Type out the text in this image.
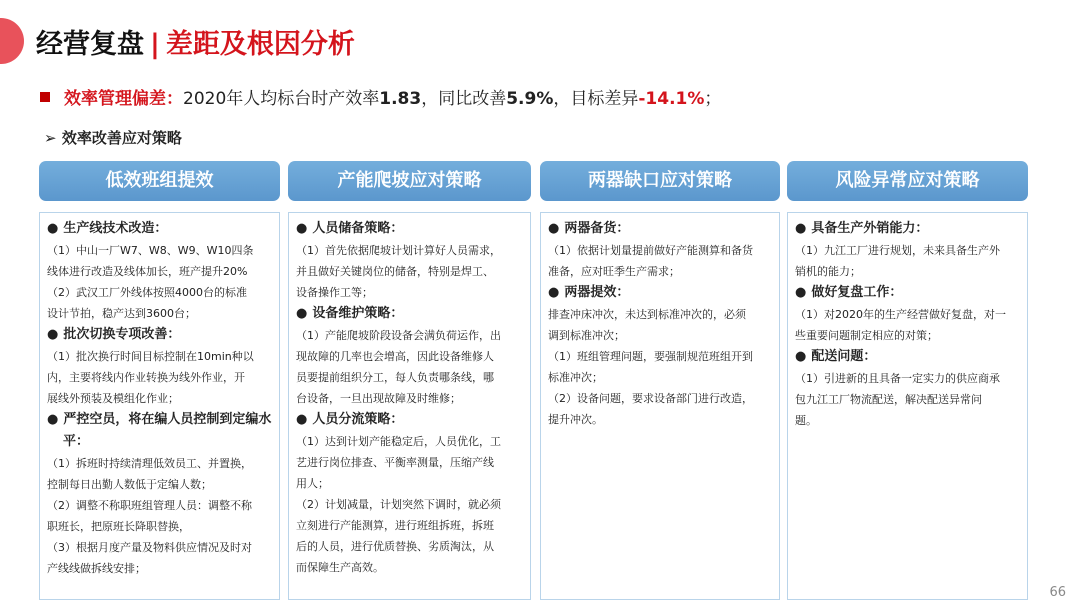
经营复盘 | 差距及根因分析
效率管理偏差：2020年人均标台时产效率1.83，同比改善5.9%，目标差异-14.1%；
➢ 效率改善应对策略
低效班组提效
● 生产线技术改造：
（1）中山一厂W7、W8、W9、W10四条
线体进行改造及线体加长，班产提升20%
（2）武汉工厂外线体按照4000台的标准
设计节拍，稳产达到3600台；
● 批次切换专项改善：
（1）批次换行时间目标控制在10min种以
内，主要将线内作业转换为线外作业，开
展线外预装及模组化作业；
● 严控空员，将在编人员控制到定编水
平：
（1）拆班时持续清理低效员工、并置换，
控制每日出勤人数低于定编人数；
（2）调整不称职班组管理人员：调整不称
职班长，把原班长降职替换，
（3）根据月度产量及物料供应情况及时对
产线线做拆线安排；
产能爬坡应对策略
● 人员储备策略：
（1）首先依据爬坡计划计算好人员需求，
并且做好关键岗位的储备，特别是焊工、
设备操作工等；
● 设备维护策略：
（1）产能爬坡阶段设备会满负荷运作，出
现故障的几率也会增高，因此设备维修人
员要提前组织分工，每人负责哪条线，哪
台设备，一旦出现故障及时维修；
● 人员分流策略：
（1）达到计划产能稳定后，人员优化，工
艺进行岗位排查、平衡率测量，压缩产线
用人；
（2）计划减量，计划突然下调时，就必须
立刻进行产能测算，进行班组拆班，拆班
后的人员，进行优质替换、劣质淘汰，从
而保障生产高效。
两器缺口应对策略
● 两器备货：
（1）依据计划量提前做好产能测算和备货
准备，应对旺季生产需求；
● 两器提效：
排查冲床冲次，未达到标准冲次的，必须
调到标准冲次；
（1）班组管理问题，要强制规范班组开到
标准冲次；
（2）设备问题，要求设备部门进行改造，
提升冲次。
风险异常应对策略
● 具备生产外销能力：
（1）九江工厂进行规划，未来具备生产外
销机的能力；
● 做好复盘工作：
（1）对2020年的生产经营做好复盘，对一
些重要问题制定相应的对策；
● 配送问题：
（1）引进新的且具备一定实力的供应商承
包九江工厂物流配送，解决配送异常问
题。
66
